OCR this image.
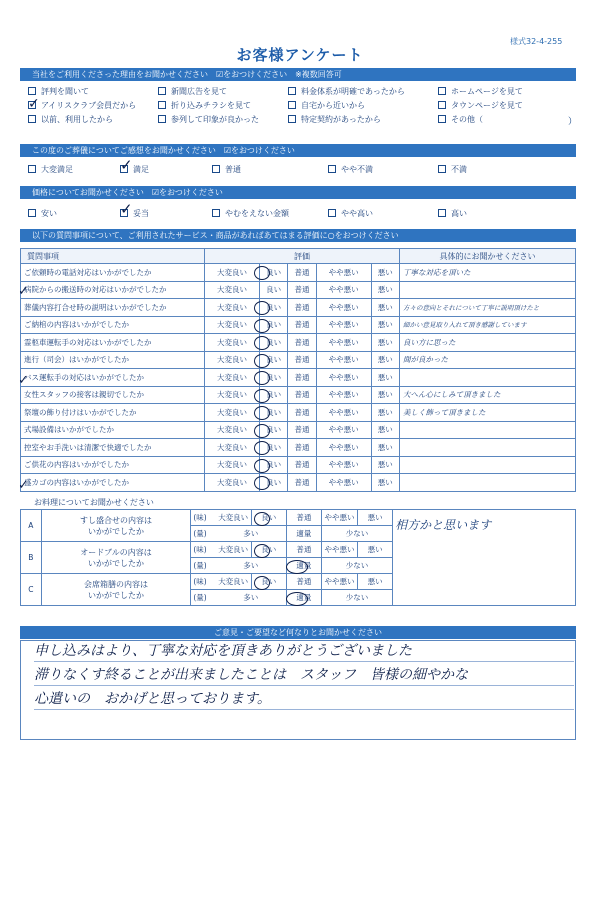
様式32-4-255
お客様アンケート
当社をご利用くださった理由をお聞かせください　☑をおつけください　※複数回答可
評判を聞いて	新聞広告を見て	料金体系が明確であったから	ホームページを見て
アイリスクラブ会員だから	折り込みチラシを見て	自宅から近いから	タウンページを見て
以前、利用したから	参列して印象が良かった	特定契約があったから	その他（
✓
）
この度のご葬儀についてご感想をお聞かせください　☑をおつけください
大変満足	満足	普通	やや不満	不満
✓
価格についてお聞かせください　☑をおつけください
安い	妥当	やむをえない金額	やや高い	高い
✓
以下の質問事項について、ご利用されたサービス・商品があればあてはまる評価に○をおつけください
質問事項	評価					具体的にお聞かせください
ご依頼時の電話対応はいかがでしたか	大変良い	良い	普通	やや悪い	悪い	丁寧な対応を頂いた
病院からの搬送時の対応はいかがでしたか	大変良い	良い	普通	やや悪い	悪い	
葬儀内容打合せ時の説明はいかがでしたか	大変良い	良い	普通	やや悪い	悪い	方々の意向とそれについて丁寧に説明頂けたと
ご納棺の内容はいかがでしたか	大変良い	良い	普通	やや悪い	悪い	細かい意見取り入れて頂き感謝しています
霊柩車運転手の対応はいかがでしたか	大変良い	良い	普通	やや悪い	悪い	良い方に思った
進行（司会）はいかがでしたか	大変良い	良い	普通	やや悪い	悪い	間が良かった
バス運転手の対応はいかがでしたか	大変良い	良い	普通	やや悪い	悪い	
女性スタッフの接客は親切でしたか	大変良い	良い	普通	やや悪い	悪い	大へん心にしみて頂きました
祭壇の飾り付けはいかがでしたか	大変良い	良い	普通	やや悪い	悪い	美しく飾って頂きました
式場設備はいかがでしたか	大変良い	良い	普通	やや悪い	悪い	
控室やお手洗いは清潔で快適でしたか	大変良い	良い	普通	やや悪い	悪い	
ご供花の内容はいかがでしたか	大変良い	良い	普通	やや悪い	悪い	
盛カゴの内容はいかがでしたか	大変良い	良い	普通	やや悪い	悪い	
✓
✓
✓
お料理についてお聞かせください
A	すし盛合せの内容は
いかがでしたか	(味)	大変良い	良い	普通	やや悪い	悪い	相方かと思います
		(量)	多い		適量	少ない		
B	オードブルの内容は
いかがでしたか	(味)	大変良い	良い	普通	やや悪い	悪い	
		(量)	多い		適量	少ない		
C	会席箱膳の内容は
いかがでしたか	(味)	大変良い	良い	普通	やや悪い	悪い	
		(量)	多い		適量	少ない		
ご意見・ご要望など何なりとお聞かせください
申し込みはより、丁寧な対応を頂きありがとうございました
滞りなくす終ることが出来ましたことは　スタッフ　皆様の細やかな
心遣いの　おかげと思っております。
